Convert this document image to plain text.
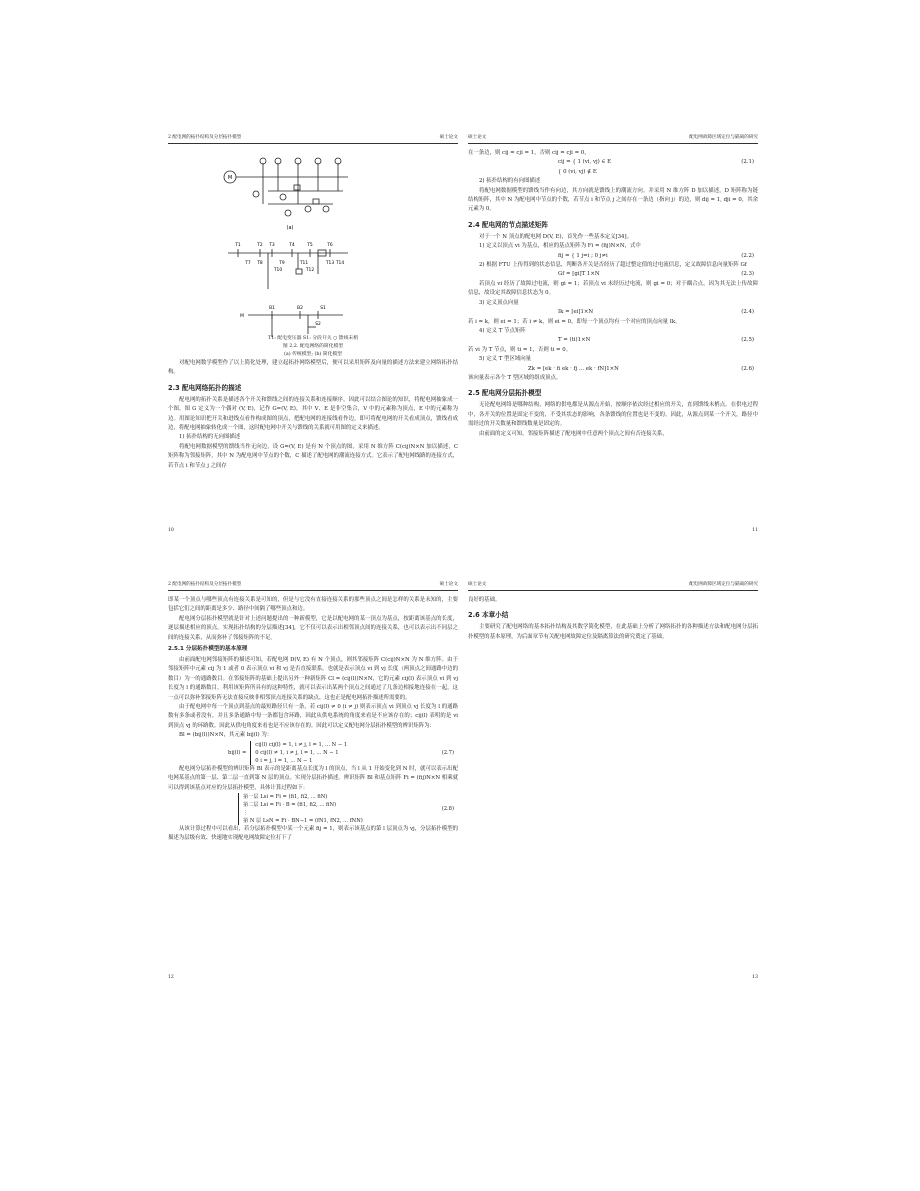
2 配电网的拓扑结构及分层拓扑模型	硕士论文
M
(a)
T1	T2 T3	T4	T5	T6
T7 T8	T9
T10
T11
T12
T13 T14
M
B1	B2	S1
S2
T1: 配电变压器 S1: 分段开关 ○ 馈线末梢
图 2.2. 配电网络的简化模型
(a) 传统模型; (b) 简化模型

对配电网数学模型作了以上简化处理，建立起拓扑网络模型后，便可以采用矩阵及向量的描述方法来建立网络拓扑结构。

2.3 配电网络拓扑的描述

配电网的拓扑关系是描述各个开关和馈线之间的连接关系和连接顺序，因此可以结合图论的知识，将配电网抽象成一个图。图 G 定义为一个偶对 (V, E)，记作 G=(V, E)，其中 V、E 是非空集合，V 中的元素称为顶点，E 中的元素称为边。用图论知识把开关和进线点看作构成图的顶点，把配电网的连接线看作边，即可将配电网的开关看成顶点，馈线看成边，将配电网抽象转化成一个图，这时配电网中开关与馈线的关系就可用图的定义来描述。

1) 拓扑结构的无向图描述

将配电网数据模型的馈线当作无向边，设 G=(V, E) 是有 N 个顶点的图，采用 N 维方阵 C(cij)N×N 加以描述，C 矩阵称为邻接矩阵，其中 N 为配电网中节点的个数，C 描述了配电网的潮流连接方式。它表示了配电网线路的连接方式，若节点 i 和节点 j 之间存

10
硕士论文	配电网故障区域定位与隔离的研究

在一条边，则 cij = cji = 1，否则 cij = cji = 0，

cij = { 1 (vi, vj) ∈ E	(2.1)
{ 0 (vi, vj) ∉ E

2) 拓扑结构的有向图描述

将配电网数据模型的馈线当作有向边，其方向就是馈线上的潮流方向。并采用 N 维方阵 D 加以描述，D 矩阵称为链结构矩阵，其中 N 为配电网中节点的个数，若节点 i 和节点 j 之间存在一条边（指向 j）的边，则 dij = 1, dji = 0，其余元素为 0。

2.4 配电网的节点描述矩阵

对于一个 N 顶点的配电网 D(V, E)，首先作一些基本定义[34]。

1) 定义以顶点 vi 为基点，相应的基点矩阵为 Fi = (fij)N×N，式中

fij = { 1 j=i ; 0 j≠i	(2.2)

2) 根据 FTU 上传得到的状态信息，判断各开关是否经历了超过整定值的过电流信息，定义故障信息向量矩阵 Gf

Gf = [gi]T 1×N	(2.3)

若顶点 vi 经历了故障过电流，则 gi = 1；若顶点 vi 未经历过电流，则 gi = 0；对于耦合点，因为其无法上传故障信息，故设定其故障信息状态为 0。

3) 定义顶点向量

Ik = [ei]1×N	(2.4)

若 i = k，则 ei = 1；若 i ≠ k，则 ei = 0。即每一个顶点均有一个对应的顶点向量 Ik。

4) 定义 T 节点矩阵

T = (ti)1×N	(2.5)

若 vi 为 T 节点，则 ti = 1，否则 ti = 0。

5) 定义 T 型区域向量

Zk = [ek · fi ek · fj ... ek · fN]1×N	(2.6)

该向量表示各个 T 型区域的组成顶点。

2.5 配电网分层拓扑模型

无论配电网络是哪种结构，网络的供电都是从源点开始，按顺序依次经过相应的开关，直到馈线末梢点。在供电过程中，各开关的位置是固定不变的，不受其状态的影响，各条馈线的位置也是不变的。因此，从源点到某一个开关，路径中需经过的开关数量和馈线数量是固定的。

由前面的定义可知，邻接矩阵描述了配电网中任意两个顶点之间有否连接关系，

11
2 配电网的拓扑结构及分层拓扑模型	硕士论文

即某一个顶点与哪些顶点有连接关系是可知的，但是与它没有直接连接关系的那些顶点之间是怎样的关系是未知的，主要包括它们之间的距离是多少、路径中间隔了哪些顶点和边。

配电网分层拓扑模型就是针对上述问题提出的一种新模型，它是以配电网的某一顶点为基点，按距离该基点的长度，逐层描述相应的顶点。实现拓扑结构的分层描述[34]，它不仅可以表示出相邻顶点间的连接关系，也可以表示出不同层之间的连接关系，从而弥补了邻接矩阵的不足。

2.5.1 分层拓扑模型的基本原理

由前面配电网邻接矩阵的描述可知，若配电网 D(V, E) 有 N 个顶点，则其邻接矩阵 C(cij)N×N 为 N 维方阵。由于邻接矩阵中元素 cij 为 1 或者 0 表示顶点 vi 和 vj 是否直接联系，也就是表示顶点 vi 到 vj 长度（两顶点之间通路中边的数目）为一的通路数目。在邻接矩阵的基础上提出另外一种新矩阵 Cl = (cij(l))N×N，它的元素 cij(l) 表示顶点 vi 到 vj 长度为 l 的通路数目，利用该矩阵所具有的这种特性，就可以表示出某两个顶点之间通过了几条边相接地连接在一起，这一点可以弥补邻接矩阵无法直接反映非相邻顶点连接关系的缺点，这也正是配电网拓扑描述所需要的。

由于配电网中每一个顶点到基点的最短路径只有一条，若 cij(l) ≠ 0 (i ≠ j) 则表示顶点 vi 到顶点 vj 长度为 l 的通路数有多条或者没有，并且多条通路中每一条都包含环路，因此从供电系统的角度来看是不应该存在的；cij(l) 表明的是 vi 到顶点 vj 的环路数。因此从供电角度来看也是不应该存在的。因此可以定义配电网分层拓扑模型的辨识矩阵为：

Bl = (bij(l))N×N，其元素 bij(l) 为：

bij(l) =
cij(l) cij(l) = 1, i ≠ j, l = 1, ... N − 1
0 cij(l) ≠ 1, i ≠ j, l = 1, ... N − 1
0 i = j, l = 1, ... N − 1
(2.7)

配电网分层拓扑模型的辨识矩阵 Bl 表示的是距离基点长度为 l 的顶点，当 l 从 1 开始变化到 N 时，就可以表示出配电网某基点的第一层、第二层一直到第 N 层的顶点。实现分层拓扑描述。辨识矩阵 Bl 和基点矩阵 Fi = (fij)N×N 相乘就可以得到该基点对应的分层拓扑模型，具体计算过程如下：

第一层 Lsi = Fi = (fi1, fi2, ... fiN)
第二层 Lsi = Fi · B = (fi1, fi2, ... fiN)
⋮
第 N 层 LsN = Fi · BN−1 = (fN1, fN2, ... fNN)
(2.8)

从该计算过程中可以看出，若分层拓扑模型中某一个元素 fij = 1，则表示该基点的第 l 层顶点为 vj，分层拓扑模型的描述为层级有效、快速地实现配电网故障定位打下了

12
硕士论文	配电网故障区域定位与隔离的研究

良好的基础。

2.6 本章小结

主要研究了配电网络的基本拓扑结构及其数学简化模型，在此基础上分析了网络拓扑的各种描述方法和配电网分层拓扑模型的基本原理，为后面章节有关配电网故障定位及隔离算法的研究奠定了基础。

13
